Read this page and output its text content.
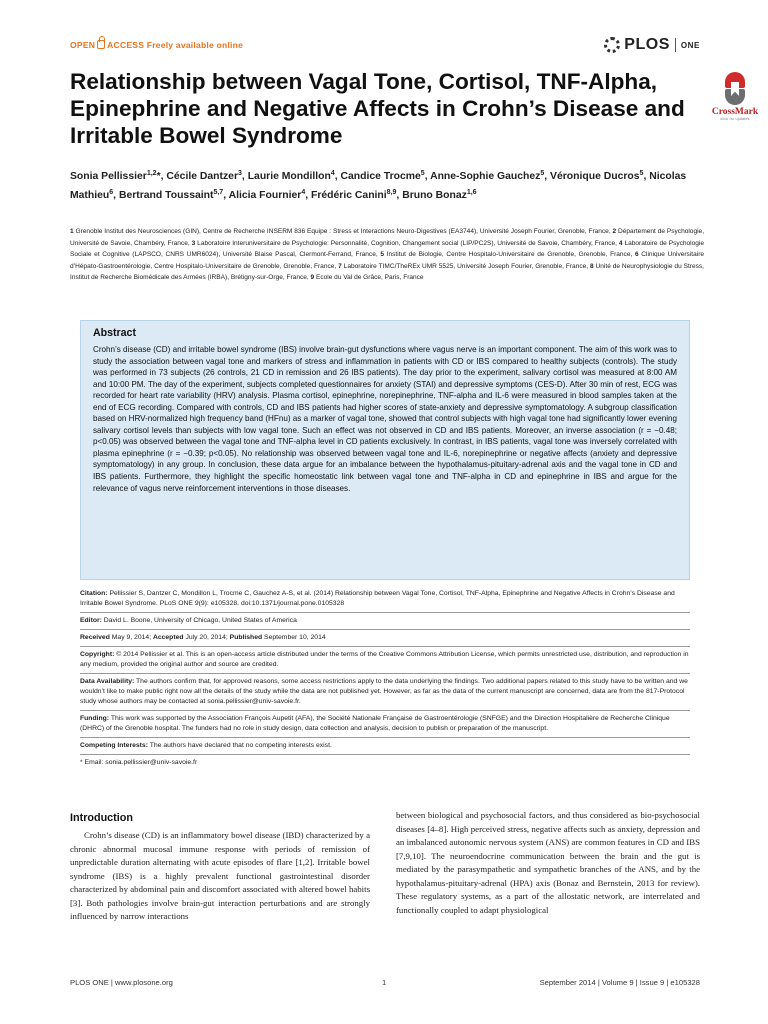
OPEN ACCESS Freely available online	PLOS ONE
Relationship between Vagal Tone, Cortisol, TNF-Alpha, Epinephrine and Negative Affects in Crohn’s Disease and Irritable Bowel Syndrome
CrossMark
click for updates
Sonia Pellissier$^{1,2}$*, Cécile Dantzer$^3$, Laurie Mondillon$^4$, Candice Trocme$^5$, Anne-Sophie Gauchez$^5$, Véronique Ducros$^5$, Nicolas Mathieu$^6$, Bertrand Toussaint$^{5,7}$, Alicia Fournier$^4$, Frédéric Canini$^{8,9}$, Bruno Bonaz$^{1,6}$
1 Grenoble Institut des Neurosciences (GIN), Centre de Recherche INSERM 836 Equipe : Stress et Interactions Neuro-Digestives (EA3744), Université Joseph Fourier, Grenoble, France, 2 Département de Psychologie, Université de Savoie, Chambéry, France, 3 Laboratoire Interuniversitaire de Psychologie: Personnalité, Cognition, Changement social (LIP/PC2S), Université de Savoie, Chambéry, France, 4 Laboratoire de Psychologie Sociale et Cognitive (LAPSCO, CNRS UMR6024), Université Blaise Pascal, Clermont-Ferrand, France, 5 Institut de Biologie, Centre Hospitalo-Universitaire de Grenoble, Grenoble, France, 6 Clinique Universitaire d’Hépato-Gastroentérologie, Centre Hospitalo-Universitaire de Grenoble, Grenoble, France, 7 Laboratoire TIMC/TheREx UMR 5525, Université Joseph Fourier, Grenoble, France, 8 Unité de Neurophysiologie du Stress, Institut de Recherche Biomédicale des Armées (IRBA), Brétigny-sur-Orge, France, 9 Ecole du Val de Grâce, Paris, France
Abstract

Crohn’s disease (CD) and irritable bowel syndrome (IBS) involve brain-gut dysfunctions where vagus nerve is an important component. The aim of this work was to study the association between vagal tone and markers of stress and inflammation in patients with CD or IBS compared to healthy subjects (controls). The study was performed in 73 subjects (26 controls, 21 CD in remission and 26 IBS patients). The day prior to the experiment, salivary cortisol was measured at 8:00 AM and 10:00 PM. The day of the experiment, subjects completed questionnaires for anxiety (STAI) and depressive symptoms (CES-D). After 30 min of rest, ECG was recorded for heart rate variability (HRV) analysis. Plasma cortisol, epinephrine, norepinephrine, TNF-alpha and IL-6 were measured in blood samples taken at the end of ECG recording. Compared with controls, CD and IBS patients had higher scores of state-anxiety and depressive symptomatology. A subgroup classification based on HRV-normalized high frequency band (HFnu) as a marker of vagal tone, showed that control subjects with high vagal tone had significantly lower evening salivary cortisol levels than subjects with low vagal tone. Such an effect was not observed in CD and IBS patients. Moreover, an inverse association (r = −0.48; p<0.05) was observed between the vagal tone and TNF-alpha level in CD patients exclusively. In contrast, in IBS patients, vagal tone was inversely correlated with plasma epinephrine (r = −0.39; p<0.05). No relationship was observed between vagal tone and IL-6, norepinephrine or negative affects (anxiety and depressive symptomatology) in any group. In conclusion, these data argue for an imbalance between the hypothalamus-pituitary-adrenal axis and the vagal tone in CD and IBS patients. Furthermore, they highlight the specific homeostatic link between vagal tone and TNF-alpha in CD and epinephrine in IBS and argue for the relevance of vagus nerve reinforcement interventions in those diseases.

Citation: Pellissier S, Dantzer C, Mondillon L, Trocme C, Gauchez A-S, et al. (2014) Relationship between Vagal Tone, Cortisol, TNF-Alpha, Epinephrine and Negative Affects in Crohn’s Disease and Irritable Bowel Syndrome. PLoS ONE 9(9): e105328. doi:10.1371/journal.pone.0105328
Editor: David L. Boone, University of Chicago, United States of America
Received May 9, 2014; Accepted July 20, 2014; Published September 10, 2014
Copyright: © 2014 Pellissier et al. This is an open-access article distributed under the terms of the Creative Commons Attribution License, which permits unrestricted use, distribution, and reproduction in any medium, provided the original author and source are credited.
Data Availability: The authors confirm that, for approved reasons, some access restrictions apply to the data underlying the findings. Two additional papers related to this study have to be written and we wouldn’t like to make public right now all the details of the study while the data are not published yet. However, as far as the data of the current manuscript are concerned, data are from the 817-Protocol study whose authors may be contacted at sonia.pellissier@univ-savoie.fr.
Funding: This work was supported by the Association François Aupetit (AFA), the Société Nationale Française de Gastroentérologie (SNFGE) and the Direction Hospitalière de Recherche Clinique (DHRC) of the Grenoble hospital. The funders had no role in study design, data collection and analysis, decision to publish or preparation of the manuscript.
Competing Interests: The authors have declared that no competing interests exist.
* Email: sonia.pellissier@univ-savoie.fr
Introduction
Crohn’s disease (CD) is an inflammatory bowel disease (IBD) characterized by a chronic abnormal mucosal immune response with periods of remission of unpredictable duration alternating with acute episodes of flare [1,2]. Irritable bowel syndrome (IBS) is a highly prevalent functional gastrointestinal disorder characterized by abdominal pain and discomfort associated with altered bowel habits [3]. Both pathologies involve brain-gut interaction perturbations and are strongly influenced by narrow interactions
between biological and psychosocial factors, and thus considered as bio-psychosocial diseases [4–8]. High perceived stress, negative affects such as anxiety, depression and an imbalanced autonomic nervous system (ANS) are common features in CD and IBS [7,9,10]. The neuroendocrine communication between the brain and the gut is mediated by the parasympathetic and sympathetic branches of the ANS, and by the hypothalamus-pituitary-adrenal (HPA) axis (Bonaz and Bernstein, 2013 for review). These regulatory systems, as a part of the allostatic network, are interrelated and functionally coupled to adapt physiological
PLOS ONE | www.plosone.org	1	September 2014 | Volume 9 | Issue 9 | e105328
